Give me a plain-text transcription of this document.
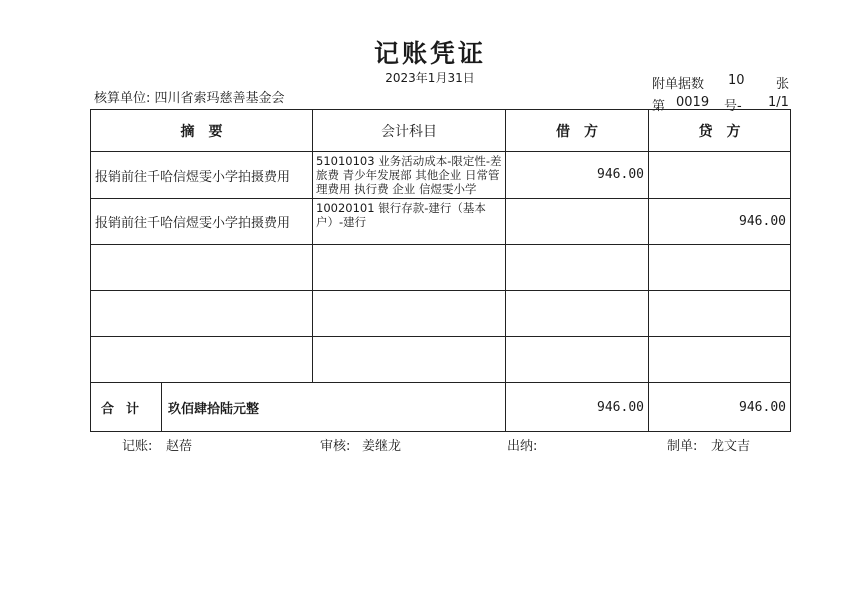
记账凭证
2023年1月31日
核算单位: 四川省索玛慈善基金会
附单据数 10 张
第 0019 号- 1/1
摘　要	会计科目	借　方	贷　方
报销前往千哈信煜雯小学拍摄费用	51010103 业务活动成本-限定性-差旅费 青少年发展部 其他企业 日常管理费用 执行费 企业 信煜雯小学	946.00	
报销前往千哈信煜雯小学拍摄费用	10020101 银行存款-建行（基本户）-建行		946.00

合计 玖佰肆拾陆元整		946.00	946.00
记账: 赵蓓	审核: 姜继龙	出纳:	制单: 龙文吉
